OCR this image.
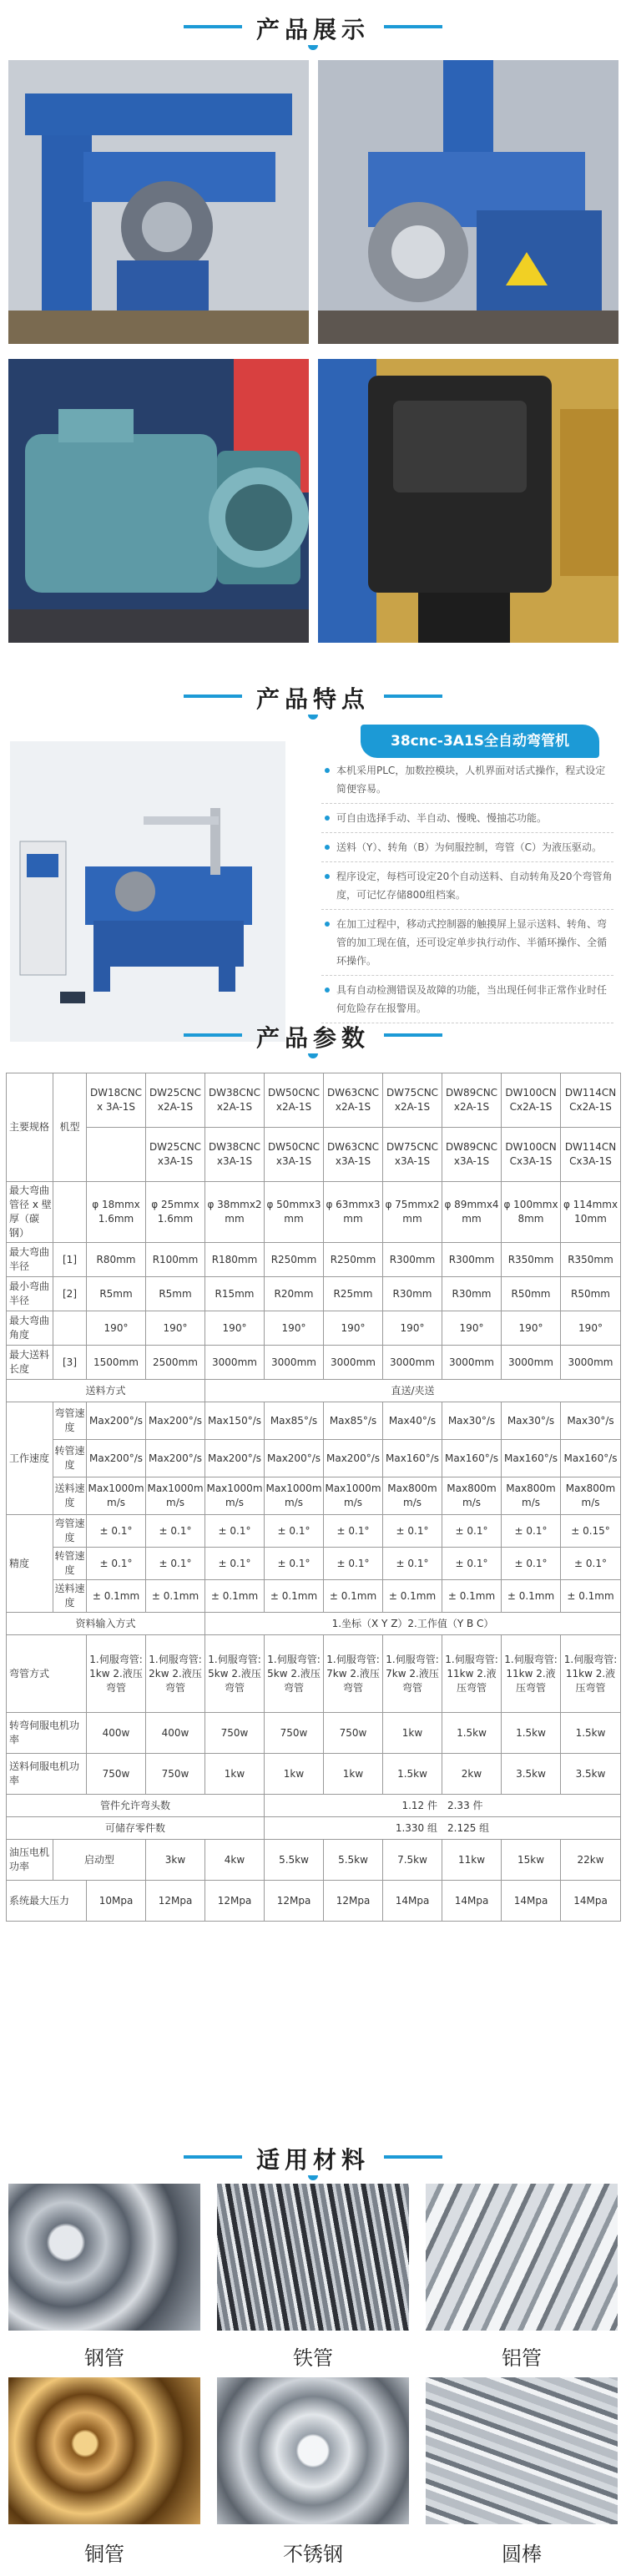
产品展示
产品特点
38cnc-3A1S全自动弯管机
本机采用PLC，加数控模块，人机界面对话式操作，程式设定简便容易。
可自由选择手动、半自动、慢晚、慢抽芯功能。
送料（Y）、转角（B）为伺服控制，弯管（C）为液压驱动。
程序设定，每档可设定20个自动送料、自动转角及20个弯管角度，可记忆存储800组档案。
在加工过程中，移动式控制器的触摸屏上显示送料、转角、弯管的加工现在值，还可设定单步执行动作、半循环操作、全循环操作。
具有自动检测错误及故障的功能，当出现任何非正常作业时任何危险存在报警用。
产品参数
主要规格	机型	DW18CNCx 3A-1S	DW25CNCx2A-1S	DW38CNCx2A-1S	DW50CNCx2A-1S	DW63CNCx2A-1S	DW75CNCx2A-1S	DW89CNCx2A-1S	DW100CNCx2A-1S	DW114CNCx2A-1S
			DW25CNCx3A-1S	DW38CNCx3A-1S	DW50CNCx3A-1S	DW63CNCx3A-1S	DW75CNCx3A-1S	DW89CNCx3A-1S	DW100CNCx3A-1S	DW114CNCx3A-1S
最大弯曲管径 x 壁厚（碳钢）		φ 18mmx1.6mm	φ 25mmx1.6mm	φ 38mmx2mm	φ 50mmx3mm	φ 63mmx3mm	φ 75mmx2mm	φ 89mmx4mm	φ 100mmx8mm	φ 114mmx10mm
最大弯曲半径	[1]	R80mm	R100mm	R180mm	R250mm	R250mm	R300mm	R300mm	R350mm	R350mm
最小弯曲半径	[2]	R5mm	R5mm	R15mm	R20mm	R25mm	R30mm	R30mm	R50mm	R50mm
最大弯曲角度		190°	190°	190°	190°	190°	190°	190°	190°	190°
最大送料长度	[3]	1500mm	2500mm	3000mm	3000mm	3000mm	3000mm	3000mm	3000mm	3000mm
送料方式				直送/夹送						
工作速度	弯管速度	Max200°/s	Max200°/s	Max150°/s	Max85°/s	Max85°/s	Max40°/s	Max30°/s	Max30°/s	Max30°/s
	转管速度	Max200°/s	Max200°/s	Max200°/s	Max200°/s	Max200°/s	Max160°/s	Max160°/s	Max160°/s	Max160°/s
	送料速度	Max1000mm/s	Max1000mm/s	Max1000mm/s	Max1000mm/s	Max1000mm/s	Max800mm/s	Max800mm/s	Max800mm/s	Max800mm/s
精度	弯管速度	± 0.1°	± 0.1°	± 0.1°	± 0.1°	± 0.1°	± 0.1°	± 0.1°	± 0.1°	± 0.15°
	转管速度	± 0.1°	± 0.1°	± 0.1°	± 0.1°	± 0.1°	± 0.1°	± 0.1°	± 0.1°	± 0.1°
	送料速度	± 0.1mm	± 0.1mm	± 0.1mm	± 0.1mm	± 0.1mm	± 0.1mm	± 0.1mm	± 0.1mm	± 0.1mm
资料输入方式				1.坐标（X Y Z）2.工作值（Y B C）						
弯管方式		1.伺服弯管: 1kw 2.液压弯管	1.伺服弯管: 2kw 2.液压弯管	1.伺服弯管: 5kw 2.液压弯管	1.伺服弯管: 5kw 2.液压弯管	1.伺服弯管: 7kw 2.液压弯管	1.伺服弯管: 7kw 2.液压弯管	1.伺服弯管: 11kw 2.液压弯管	1.伺服弯管: 11kw 2.液压弯管	1.伺服弯管: 11kw 2.液压弯管
转弯伺服电机功率		400w	400w	750w	750w	750w	1kw	1.5kw	1.5kw	1.5kw
送料伺服电机功率		750w	750w	1kw	1kw	1kw	1.5kw	2kw	3.5kw	3.5kw
管件允许弯头数					1.12 件　2.33 件					
可储存零件数					1.330 组　2.125 组					
油压电机功率	启动型		3kw	4kw	5.5kw	5.5kw	7.5kw	11kw	15kw	22kw
系统最大压力		10Mpa	12Mpa	12Mpa	12Mpa	12Mpa	14Mpa	14Mpa	14Mpa	14Mpa
适用材料
钢管	铁管	铝管
铜管	不锈钢	圆棒
